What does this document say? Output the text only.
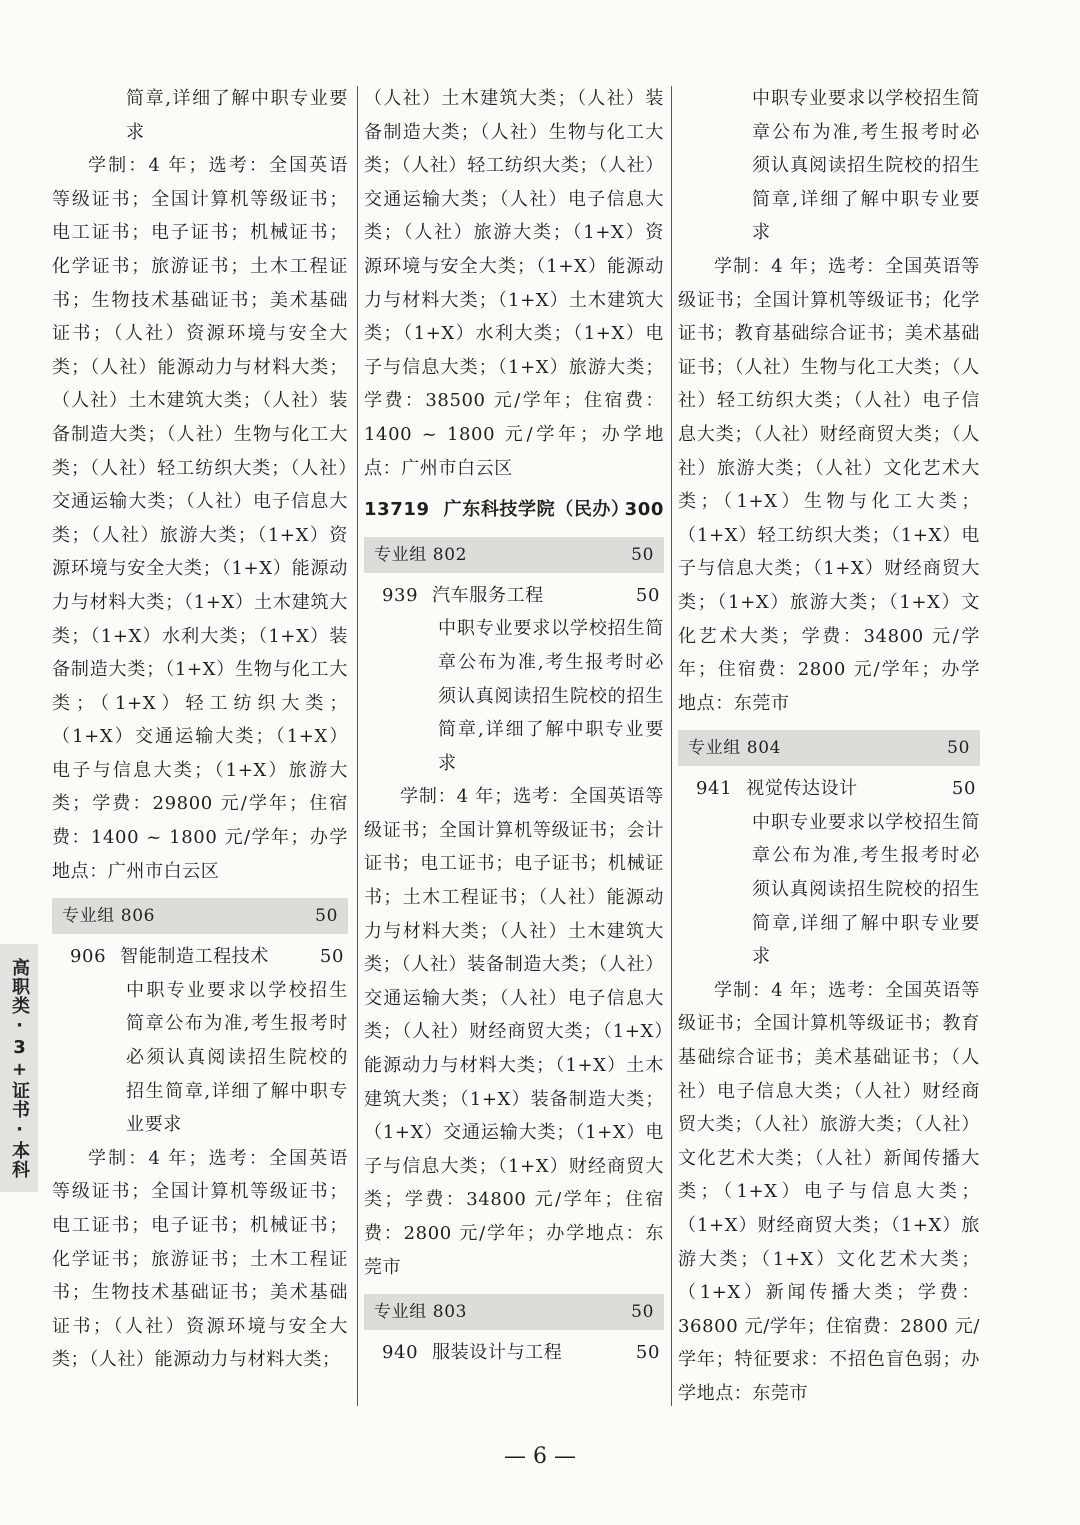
简章,详细了解中职专业要求

学制：4 年；选考：全国英语等级证书；全国计算机等级证书；电工证书；电子证书；机械证书；化学证书；旅游证书；土木工程证书；生物技术基础证书；美术基础证书；（人社）资源环境与安全大类；（人社）能源动力与材料大类；（人社）土木建筑大类；（人社）装备制造大类；（人社）生物与化工大类；（人社）轻工纺织大类；（人社）交通运输大类；（人社）电子信息大类；（人社）旅游大类；（1+X）资源环境与安全大类；（1+X）能源动力与材料大类；（1+X）土木建筑大类；（1+X）水利大类；（1+X）装备制造大类；（1+X）生物与化工大类；（1+X）轻工纺织大类；（1+X）交通运输大类；（1+X）电子与信息大类；（1+X）旅游大类；学费：29800 元/学年；住宿费：1400 ~ 1800 元/学年；办学地点：广州市白云区

专业组 806	50
906 智能制造工程技术	50

中职专业要求以学校招生简章公布为准,考生报考时必须认真阅读招生院校的招生简章,详细了解中职专业要求

学制：4 年；选考：全国英语等级证书；全国计算机等级证书；电工证书；电子证书；机械证书；化学证书；旅游证书；土木工程证书；生物技术基础证书；美术基础证书；（人社）资源环境与安全大类；（人社）能源动力与材料大类；

（人社）土木建筑大类；（人社）装备制造大类；（人社）生物与化工大类；（人社）轻工纺织大类；（人社）交通运输大类；（人社）电子信息大类；（人社）旅游大类；（1+X）资源环境与安全大类；（1+X）能源动力与材料大类；（1+X）土木建筑大类；（1+X）水利大类；（1+X）电子与信息大类；（1+X）旅游大类；学费：38500 元/学年；住宿费：1400 ~ 1800 元/学年；办学地点：广州市白云区

13719 广东科技学院（民办）
300
专业组 802	50
939 汽车服务工程	50

中职专业要求以学校招生简章公布为准,考生报考时必须认真阅读招生院校的招生简章,详细了解中职专业要求

学制：4 年；选考：全国英语等级证书；全国计算机等级证书；会计证书；电工证书；电子证书；机械证书；土木工程证书；（人社）能源动力与材料大类；（人社）土木建筑大类；（人社）装备制造大类；（人社）交通运输大类；（人社）电子信息大类；（人社）财经商贸大类；（1+X）能源动力与材料大类；（1+X）土木建筑大类；（1+X）装备制造大类；（1+X）交通运输大类；（1+X）电子与信息大类；（1+X）财经商贸大类；学费：34800 元/学年；住宿费：2800 元/学年；办学地点：东莞市

专业组 803	50
940 服装设计与工程	50

中职专业要求以学校招生简章公布为准,考生报考时必须认真阅读招生院校的招生简章,详细了解中职专业要求

学制：4 年；选考：全国英语等级证书；全国计算机等级证书；化学证书；教育基础综合证书；美术基础证书；（人社）生物与化工大类；（人社）轻工纺织大类；（人社）电子信息大类；（人社）财经商贸大类；（人社）旅游大类；（人社）文化艺术大类；（1+X）生物与化工大类；（1+X）轻工纺织大类；（1+X）电子与信息大类；（1+X）财经商贸大类；（1+X）旅游大类；（1+X）文化艺术大类；学费：34800 元/学年；住宿费：2800 元/学年；办学地点：东莞市

专业组 804	50
941 视觉传达设计	50

中职专业要求以学校招生简章公布为准,考生报考时必须认真阅读招生院校的招生简章,详细了解中职专业要求

学制：4 年；选考：全国英语等级证书；全国计算机等级证书；教育基础综合证书；美术基础证书；（人社）电子信息大类；（人社）财经商贸大类；（人社）旅游大类；（人社）文化艺术大类；（人社）新闻传播大类；（1+X）电子与信息大类；（1+X）财经商贸大类；（1+X）旅游大类；（1+X）文化艺术大类；（1+X）新闻传播大类；学费：36800 元/学年；住宿费：2800 元/学年；特征要求：不招色盲色弱；办学地点：东莞市

高职类·3+证书·本科
— 6 —
